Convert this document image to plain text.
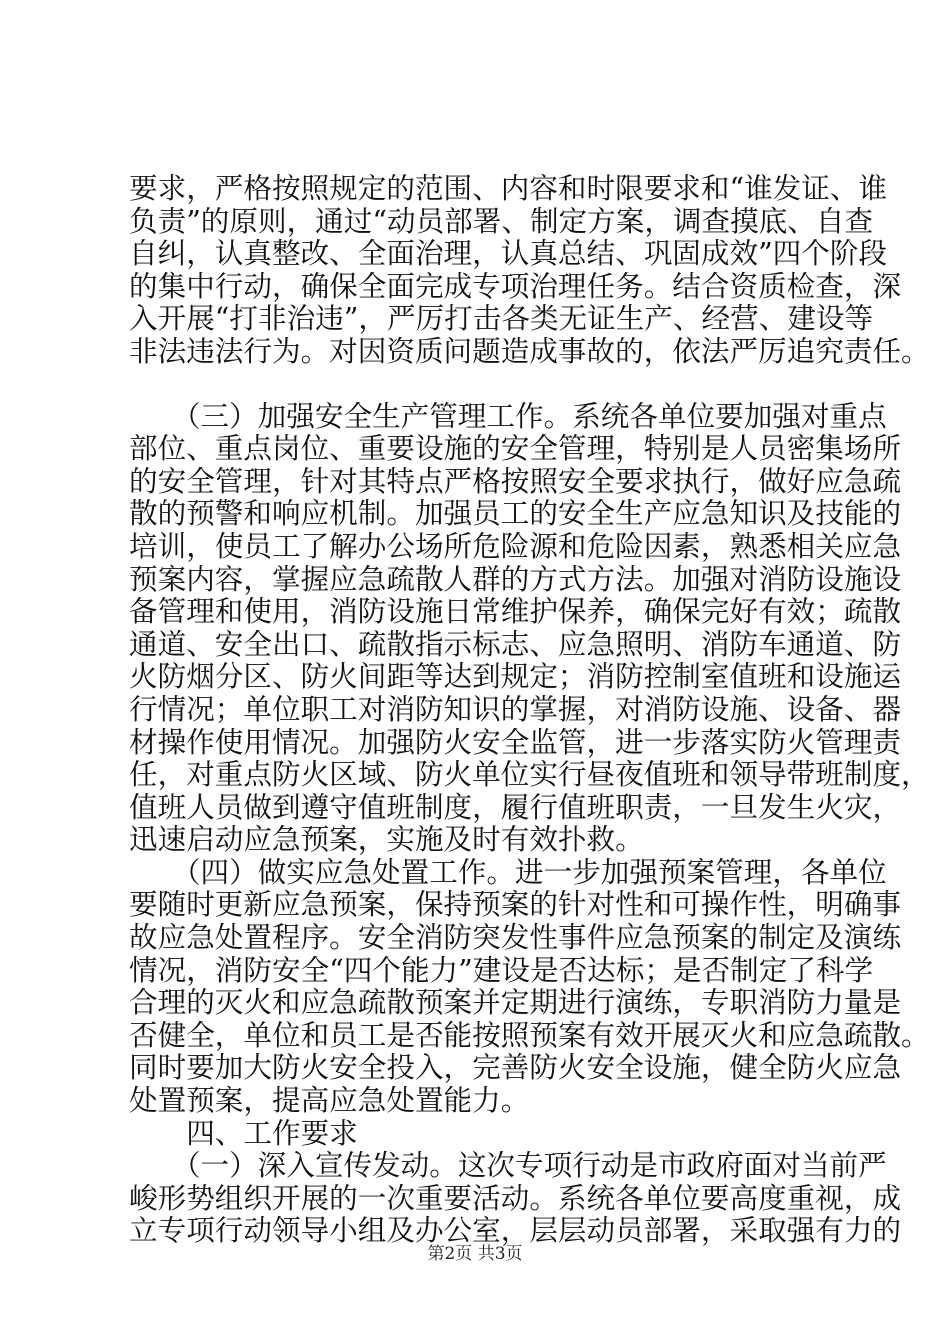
要求，严格按照规定的范围、内容和时限要求和“谁发证、谁
负责”的原则，通过“动员部署、制定方案，调查摸底、自查
自纠，认真整改、全面治理，认真总结、巩固成效”四个阶段
的集中行动，确保全面完成专项治理任务。结合资质检查，深
入开展“打非治违”，严厉打击各类无证生产、经营、建设等
非法违法行为。对因资质问题造成事故的，依法严厉追究责任。
　　（三）加强安全生产管理工作。系统各单位要加强对重点
部位、重点岗位、重要设施的安全管理，特别是人员密集场所
的安全管理，针对其特点严格按照安全要求执行，做好应急疏
散的预警和响应机制。加强员工的安全生产应急知识及技能的
培训，使员工了解办公场所危险源和危险因素，熟悉相关应急
预案内容，掌握应急疏散人群的方式方法。加强对消防设施设
备管理和使用，消防设施日常维护保养，确保完好有效；疏散
通道、安全出口、疏散指示标志、应急照明、消防车通道、防
火防烟分区、防火间距等达到规定；消防控制室值班和设施运
行情况；单位职工对消防知识的掌握，对消防设施、设备、器
材操作使用情况。加强防火安全监管，进一步落实防火管理责
任，对重点防火区域、防火单位实行昼夜值班和领导带班制度，
值班人员做到遵守值班制度，履行值班职责，一旦发生火灾，
迅速启动应急预案，实施及时有效扑救。
　　（四）做实应急处置工作。进一步加强预案管理，各单位
要随时更新应急预案，保持预案的针对性和可操作性，明确事
故应急处置程序。安全消防突发性事件应急预案的制定及演练
情况，消防安全“四个能力”建设是否达标；是否制定了科学
合理的灭火和应急疏散预案并定期进行演练，专职消防力量是
否健全，单位和员工是否能按照预案有效开展灭火和应急疏散。
同时要加大防火安全投入，完善防火安全设施，健全防火应急
处置预案，提高应急处置能力。
　　四、工作要求
　　（一）深入宣传发动。这次专项行动是市政府面对当前严
峻形势组织开展的一次重要活动。系统各单位要高度重视，成
立专项行动领导小组及办公室，层层动员部署，采取强有力的
第2页 共3页
